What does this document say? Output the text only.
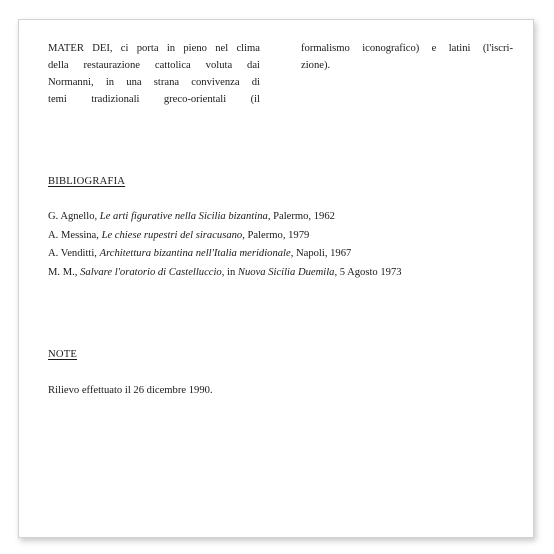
MATER DEI, ci porta in pieno nel clima
della restaurazione cattolica voluta dai
Normanni, in una strana convivenza di
temi tradizionali greco-orientali (il
formalismo iconografico) e latini (l'iscri-
zione).
BIBLIOGRAFIA
G. Agnello, Le arti figurative nella Sicilia bizantina, Palermo, 1962
A. Messina, Le chiese rupestri del siracusano, Palermo, 1979
A. Venditti, Architettura bizantina nell'Italia meridionale, Napoli, 1967
M. M., Salvare l'oratorio di Castelluccio, in Nuova Sicilia Duemila, 5 Agosto 1973
NOTE
Rilievo effettuato il 26 dicembre 1990.
